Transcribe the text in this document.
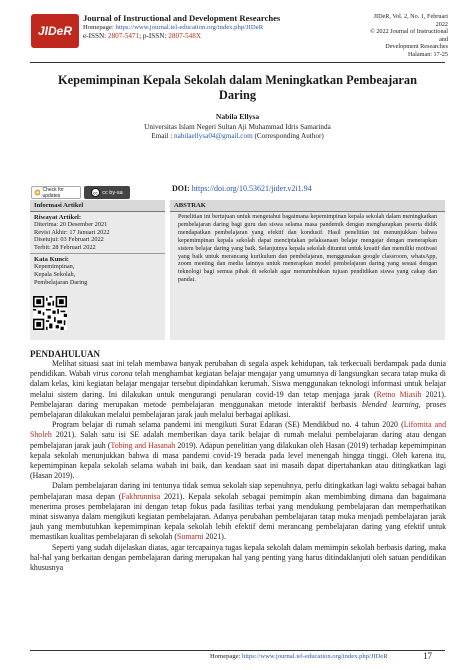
JIDeR
Journal of Instructional and Development Researches
Homepage: https://www.journal.iel-education.org/index.php/JIDeR
e-ISSN: 2807-5471; p-ISSN: 2807-548X
JIDeR, Vol. 2, No. 1, Februari 2022
© 2022 Journal of Instructional and
Development Researches
Halaman: 17-25
Kepemimpinan Kepala Sekolah dalam Meningkatkan Pembeajaran
Daring
Nabila Ellysa
Universitas Islam Negeri Sultan Aji Muhammad Idris Samarinda
Email : nabilaellysa04@gmail.com (Corresponding Author)
Check for updates	cc cc by-sa	DOI: https://doi.org/10.53621/jider.v2i1.94
Informasi Artikel
Riwayat Artikel:
Diterima: 20 Desember 2021
Revisi Akhir: 17 Januari 2022
Disetujui: 03 Februari 2022
Terbit: 28 Februari 2022
Kata Kunci:
Kepemimpinan,
Kepala Sekolah,
Pembelajaran Daring
ABSTRAK
Penelitian ini bertujuan untuk mengetahui bagaimana kepemimpinan kepala sekolah dalam meningkatkan pembelajaran daring bagi guru dan siswa selama masa pandemik dengan mengharapkan peserta didik mendapatkan pembelajaran yang efektif dan kondusif. Hasil penelitian ini menunjukkan bahwa kepemimpinan kepala sekolah dapat menciptakan pelaksanaan belajar mengajar dengan menerapkan sistem belajar daring yang baik. Selanjutnya kepala sekolah dituntut untuk kreatif dan memiliki motivasi yang baik untuk merancang kurikulum dan pembelajaran, menggunakan google classroom, whatsApp, zoom meeting dan media lainnya untuk menerapkan model pembelajaran daring yang sesuai dengan teknologi bagi semua pihak di sekolah agar menumbuhkan tujuan pendidikan siswa yang cakap dan pandai.
PENDAHULUAN

Melihat situasi saat ini telah membawa banyak perubahan di segala aspek kehidupan, tak terkecuali berdampak pada dunia pendidikan. Wabah virus corona telah menghambat kegiatan belajar mengajar yang umumnya di langsungkan secara tatap muka di dalam kelas, kini kegiatan belajar mengajar tersebut dipindahkan kerumah. Siswa menggunakan teknologi informasi untuk belajar melalui sistem daring. Ini dilakukan untuk mengurangi penularan covid-19 dan tetap menjaga jarak (Retno Miasih 2021). Pembelajaran daring merupakan metode pembelajaran menggunakan metode interaktif berbasis blended learning, proses pembelajaran dilakukan melalui pembelajaran jarak jauh melalui berbagai aplikasi.

Program belajar di rumah selama pandemi ini mengikuti Surat Edaran (SE) Mendikbud no. 4 tahun 2020 (Lifornita and Sholeh 2021). Salah satu isi SE adalah memberikan daya tarik belajar di rumah melalui pembelajaran daring atau dengan pembelajaran jarak jauh (Tobing and Hasanah 2019). Adapun penelitian yang dilakukan oleh Hasan (2019) terhadap kepemimpinan kepala sekolah menunjukkan bahwa di masa pandemi covid-19 berada pada level menengah hingga tinggi. Oleh karena itu, kepemimpinan kepala sekolah selama wabah ini baik, dan keadaan saat ini masaih dapat dipertahankan atau ditingkatkan lagi (Hasan 2019).

Dalam pembelajaran daring ini tentunya tidak semua sekolah siap sepenuhnya, perlu ditingkatkan lagi waktu sebagai bahan pembelajaran masa depan (Fakhrunnisa 2021). Kepala sekolah sebagai pemimpin akan membimbing dimana dan bagaimana menerima proses pembelajaran ini dengan tetap fokus pada fasilitas terbai yang mendukung pembelajaran dan memperhatikan minat siswanya dalam mengikuti kegiatan pembelajaran. Adanya perubahan pembelajaran tatap muka menjadi pembelajaran jarak jauh yang membutuhkan kepemimpinan kepala sekolah lebih efektif demi merancang pembelajaran daring yang efektif untuk memastikan kualitas pembelajaran di sekolah (Sumarni 2021).

Seperti yang sudah dijelaskan diatas, agar tercapainya tugas kepala sekolah dalam memimpin sekolah berbasis daring, maka hal-hal yang berkaitan dengan pembelajaran daring merupakan hal yang penting yang harus ditindaklanjuti oleh satuan pendidikan khususnya

Homepage: https://www.journal.iel-education.org/index.php/JIDeR	17
